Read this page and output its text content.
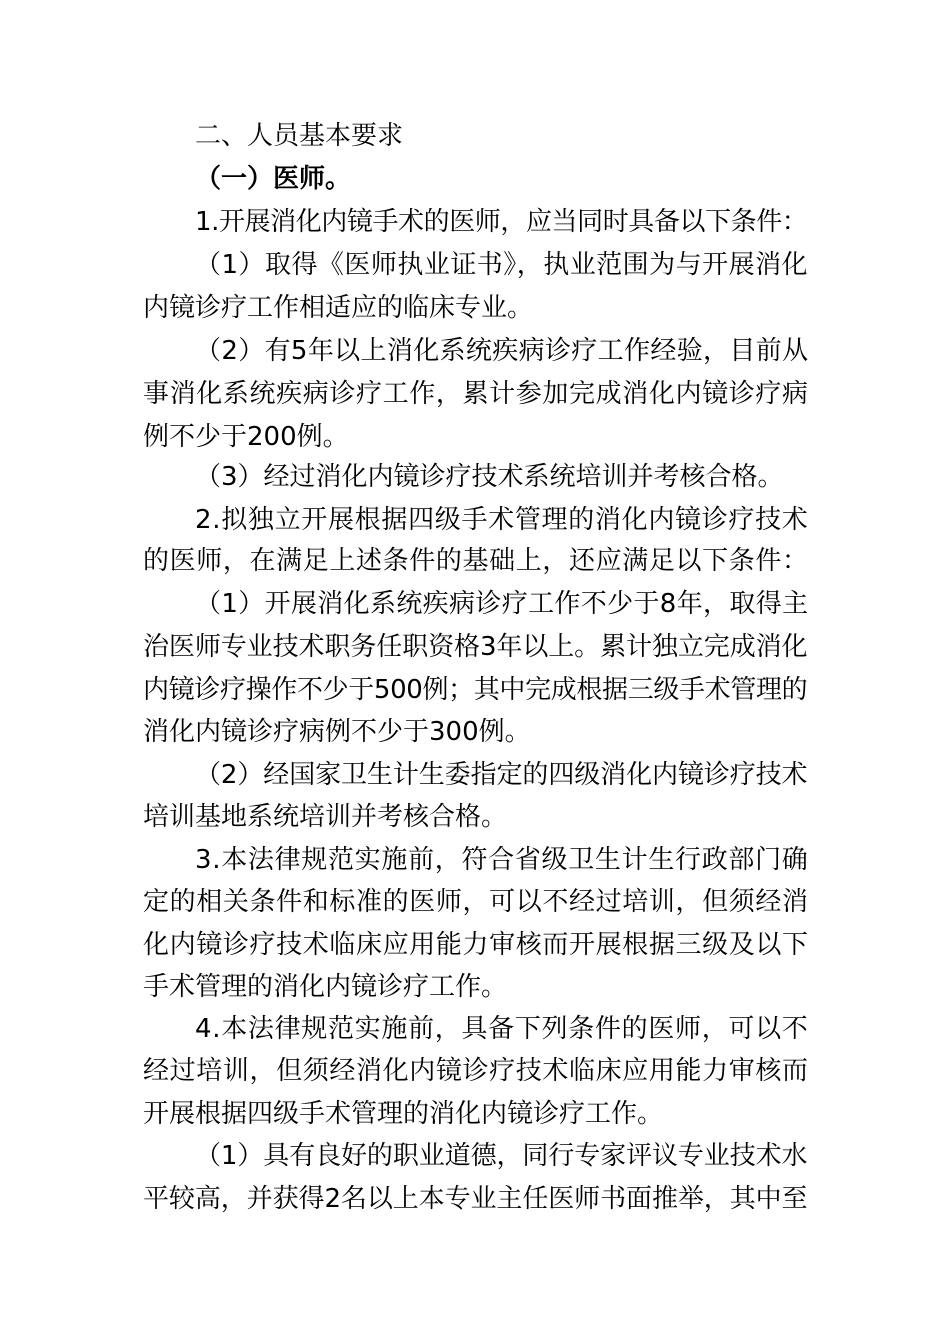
二、人员基本要求
（一）医师。
1.开展消化内镜手术的医师，应当同时具备以下条件：
（1）取得《医师执业证书》，执业范围为与开展消化
内镜诊疗工作相适应的临床专业。
（2）有5年以上消化系统疾病诊疗工作经验，目前从
事消化系统疾病诊疗工作，累计参加完成消化内镜诊疗病
例不少于200例。
（3）经过消化内镜诊疗技术系统培训并考核合格。
2.拟独立开展根据四级手术管理的消化内镜诊疗技术
的医师，在满足上述条件的基础上，还应满足以下条件：
（1）开展消化系统疾病诊疗工作不少于8年，取得主
治医师专业技术职务任职资格3年以上。累计独立完成消化
内镜诊疗操作不少于500例；其中完成根据三级手术管理的
消化内镜诊疗病例不少于300例。
（2）经国家卫生计生委指定的四级消化内镜诊疗技术
培训基地系统培训并考核合格。
3.本法律规范实施前，符合省级卫生计生行政部门确
定的相关条件和标准的医师，可以不经过培训，但须经消
化内镜诊疗技术临床应用能力审核而开展根据三级及以下
手术管理的消化内镜诊疗工作。
4.本法律规范实施前，具备下列条件的医师，可以不
经过培训，但须经消化内镜诊疗技术临床应用能力审核而
开展根据四级手术管理的消化内镜诊疗工作。
（1）具有良好的职业道德，同行专家评议专业技术水
平较高，并获得2名以上本专业主任医师书面推举，其中至
